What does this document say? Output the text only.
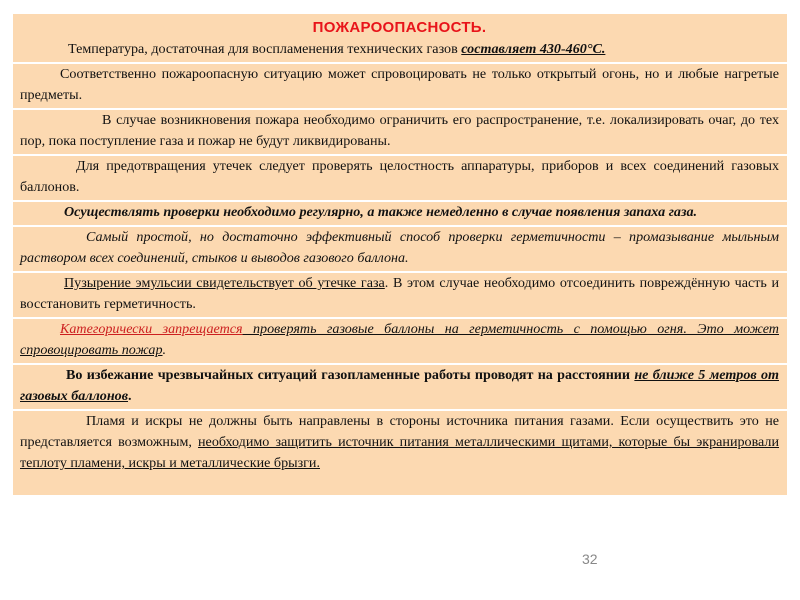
ПОЖАРООПАСНОСТЬ.

Температура, достаточная для воспламенения технических газов составляет 430-460°С.

Соответственно пожароопасную ситуацию может спровоцировать не только открытый огонь, но и любые нагретые предметы.

В случае возникновения пожара необходимо ограничить его распространение, т.е. локализировать очаг, до тех пор, пока поступление газа и пожар не будут ликвидированы.

Для предотвращения утечек следует проверять целостность аппаратуры, приборов и всех соединений газовых баллонов.

Осуществлять проверки необходимо регулярно, а также немедленно в случае появления запаха газа.

Самый простой, но достаточно эффективный способ проверки герметичности – промазывание мыльным раствором всех соединений, стыков и выводов газового баллона.

Пузырение эмульсии свидетельствует об утечке газа. В этом случае необходимо отсоединить повреждённую часть и восстановить герметичность.

Категорически запрещается проверять газовые баллоны на герметичность с помощью огня. Это может спровоцировать пожар.

Во избежание чрезвычайных ситуаций газопламенные работы проводят на расстоянии не ближе 5 метров от газовых баллонов.

Пламя и искры не должны быть направлены в стороны источника питания газами. Если осуществить это не представляется возможным, необходимо защитить источник питания металлическими щитами, которые бы экранировали теплоту пламени, искры и металлические брызги.

32
